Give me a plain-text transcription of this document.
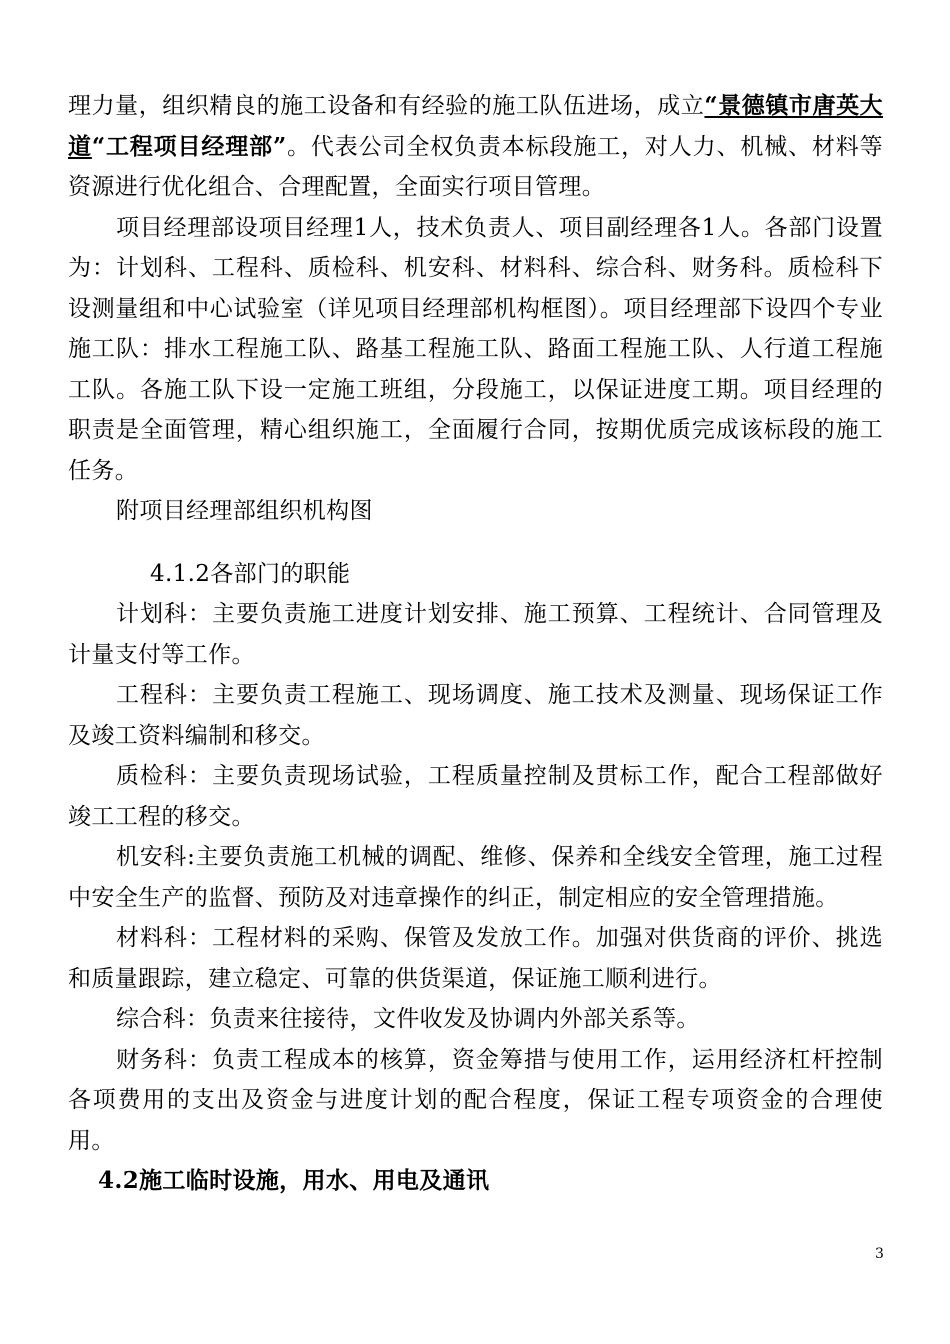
理力量，组织精良的施工设备和有经验的施工队伍进场，成立“景德镇市唐英大道“工程项目经理部”。代表公司全权负责本标段施工，对人力、机械、材料等资源进行优化组合、合理配置，全面实行项目管理。

项目经理部设项目经理1人，技术负责人、项目副经理各1人。各部门设置为：计划科、工程科、质检科、机安科、材料科、综合科、财务科。质检科下设测量组和中心试验室（详见项目经理部机构框图）。项目经理部下设四个专业施工队：排水工程施工队、路基工程施工队、路面工程施工队、人行道工程施工队。各施工队下设一定施工班组，分段施工，以保证进度工期。项目经理的职责是全面管理，精心组织施工，全面履行合同，按期优质完成该标段的施工任务。

附项目经理部组织机构图

4.1.2各部门的职能

计划科：主要负责施工进度计划安排、施工预算、工程统计、合同管理及计量支付等工作。

工程科：主要负责工程施工、现场调度、施工技术及测量、现场保证工作及竣工资料编制和移交。

质检科：主要负责现场试验，工程质量控制及贯标工作，配合工程部做好竣工工程的移交。

机安科:主要负责施工机械的调配、维修、保养和全线安全管理，施工过程中安全生产的监督、预防及对违章操作的纠正，制定相应的安全管理措施。

材料科：工程材料的采购、保管及发放工作。加强对供货商的评价、挑选和质量跟踪，建立稳定、可靠的供货渠道，保证施工顺利进行。

综合科：负责来往接待，文件收发及协调内外部关系等。

财务科：负责工程成本的核算，资金筹措与使用工作，运用经济杠杆控制各项费用的支出及资金与进度计划的配合程度，保证工程专项资金的合理使用。

4.2施工临时设施，用水、用电及通讯

3
